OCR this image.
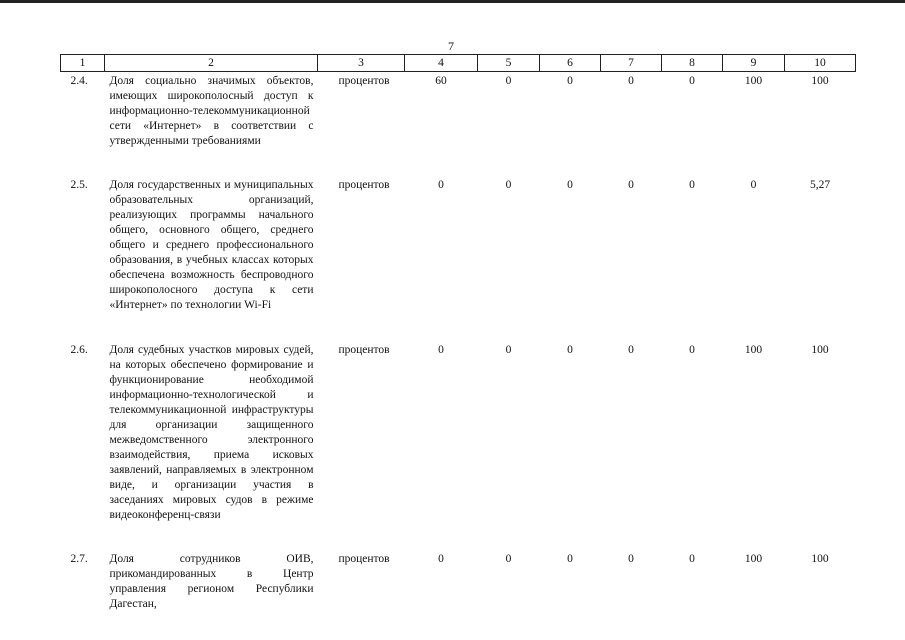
7
1	2	3	4	5	6	7	8	9	10
2.4.	Доля социально значимых объектов, имеющих широкополосный доступ к информационно-телекоммуникационной сети «Интернет» в соответствии с утвержденными требованиями	процентов	60	0	0	0	0	100	100
2.5.	Доля государственных и муниципальных образовательных организаций, реализующих программы начального общего, основного общего, среднего общего и среднего профессионального образования, в учебных классах которых обеспечена возможность беспроводного широкополосного доступа к сети «Интернет» по технологии Wi-Fi	процентов	0	0	0	0	0	0	5,27
2.6.	Доля судебных участков мировых судей, на которых обеспечено формирование и функционирование необходимой информационно-технологической и телекоммуникационной инфраструктуры для организации защищенного межведомственного электронного взаимодействия, приема исковых заявлений, направляемых в электронном виде, и организации участия в заседаниях мировых судов в режиме видеоконференц-связи	процентов	0	0	0	0	0	100	100
2.7.	Доля сотрудников ОИВ, прикомандированных в Центр управления регионом Республики Дагестан,	процентов	0	0	0	0	0	100	100
